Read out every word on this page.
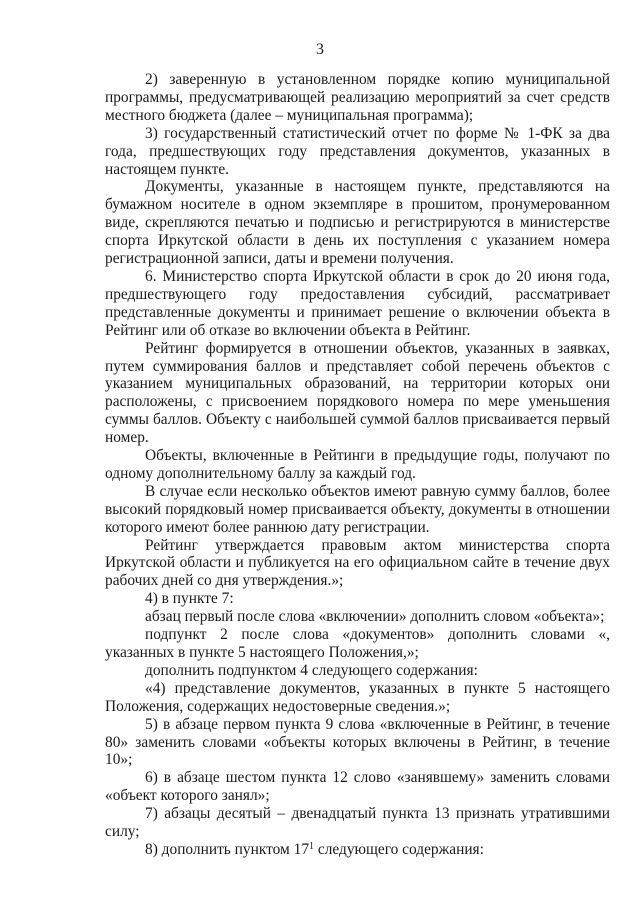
3

2) заверенную в установленном порядке копию муниципальной программы, предусматривающей реализацию мероприятий за счет средств местного бюджета (далее – муниципальная программа);

3) государственный статистический отчет по форме № 1-ФК за два года, предшествующих году представления документов, указанных в настоящем пункте.

Документы, указанные в настоящем пункте, представляются на бумажном носителе в одном экземпляре в прошитом, пронумерованном виде, скрепляются печатью и подписью и регистрируются в министерстве спорта Иркутской области в день их поступления с указанием номера регистрационной записи, даты и времени получения.

6. Министерство спорта Иркутской области в срок до 20 июня года, предшествующего году предоставления субсидий, рассматривает представленные документы и принимает решение о включении объекта в Рейтинг или об отказе во включении объекта в Рейтинг.

Рейтинг формируется в отношении объектов, указанных в заявках, путем суммирования баллов и представляет собой перечень объектов с указанием муниципальных образований, на территории которых они расположены, с присвоением порядкового номера по мере уменьшения суммы баллов. Объекту с наибольшей суммой баллов присваивается первый номер.

Объекты, включенные в Рейтинги в предыдущие годы, получают по одному дополнительному баллу за каждый год.

В случае если несколько объектов имеют равную сумму баллов, более высокий порядковый номер присваивается объекту, документы в отношении которого имеют более раннюю дату регистрации.

Рейтинг утверждается правовым актом министерства спорта Иркутской области и публикуется на его официальном сайте в течение двух рабочих дней со дня утверждения.»;

4) в пункте 7:

абзац первый после слова «включении» дополнить словом «объекта»;

подпункт 2 после слова «документов» дополнить словами «, указанных в пункте 5 настоящего Положения,»;

дополнить подпунктом 4 следующего содержания:

«4) представление документов, указанных в пункте 5 настоящего Положения, содержащих недостоверные сведения.»;

5) в абзаце первом пункта 9 слова «включенные в Рейтинг, в течение 80» заменить словами «объекты которых включены в Рейтинг, в течение 10»;

6) в абзаце шестом пункта 12 слово «занявшему» заменить словами «объект которого занял»;

7) абзацы десятый – двенадцатый пункта 13 признать утратившими силу;

8) дополнить пунктом $17^1$ следующего содержания:
